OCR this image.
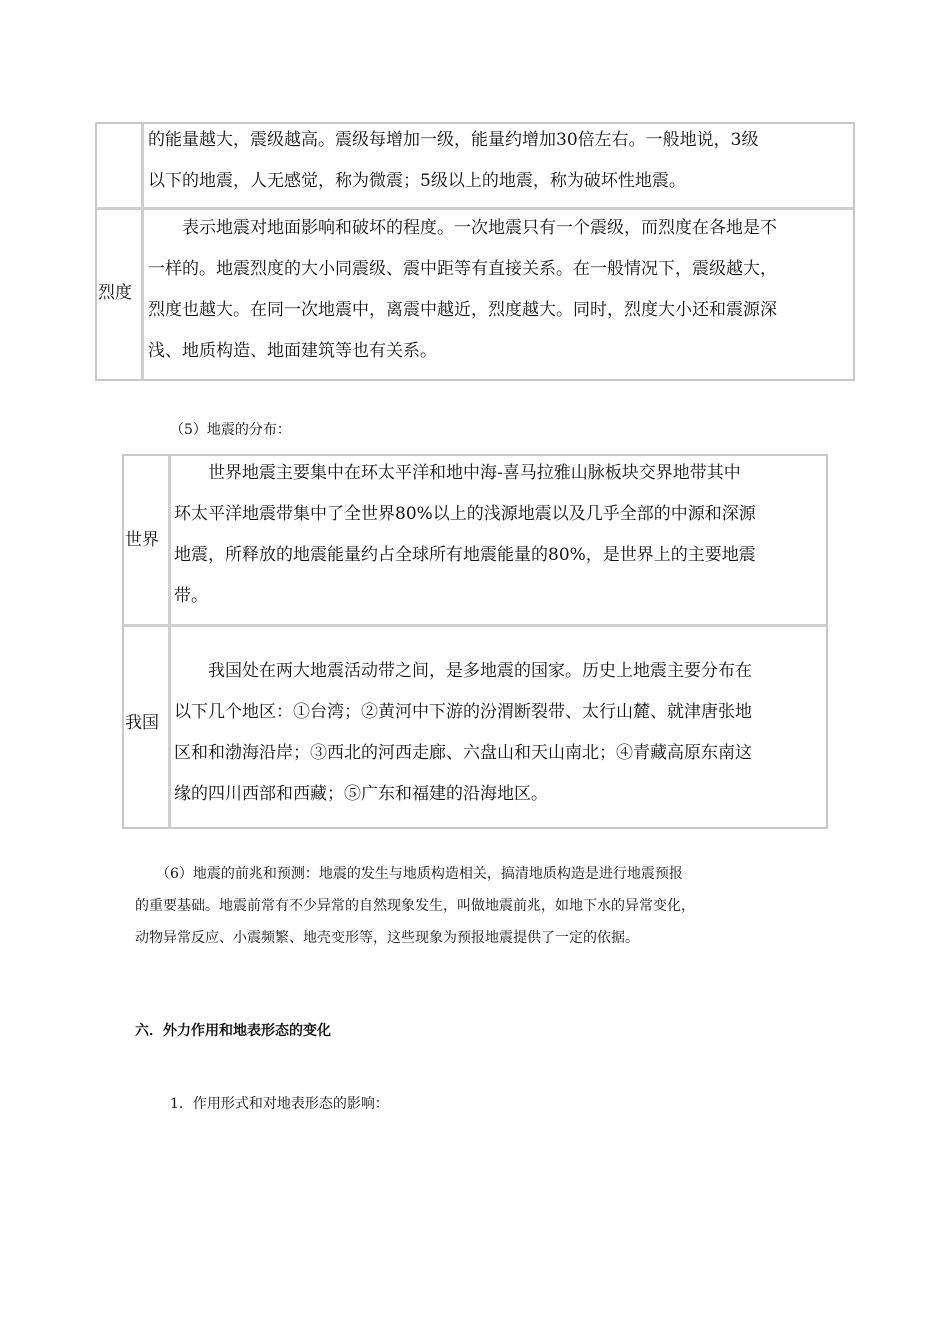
的能量越大，震级越高。震级每增加一级，能量约增加30倍左右。一般地说，3级

以下的地震，人无感觉，称为微震；5级以上的地震，称为破坏性地震。

烈度

　　表示地震对地面影响和破坏的程度。一次地震只有一个震级，而烈度在各地是不

一样的。地震烈度的大小同震级、震中距等有直接关系。在一般情况下，震级越大，

烈度也越大。在同一次地震中，离震中越近，烈度越大。同时，烈度大小还和震源深

浅、地质构造、地面建筑等也有关系。

（5）地震的分布：
世界

　　世界地震主要集中在环太平洋和地中海-喜马拉雅山脉板块交界地带其中

环太平洋地震带集中了全世界80%以上的浅源地震以及几乎全部的中源和深源

地震，所释放的地震能量约占全球所有地震能量的80%，是世界上的主要地震

带。

我国

　　我国处在两大地震活动带之间，是多地震的国家。历史上地震主要分布在

以下几个地区：①台湾；②黄河中下游的汾渭断裂带、太行山麓、就津唐张地

区和和渤海沿岸；③西北的河西走廊、六盘山和天山南北；④青藏高原东南这

缘的四川西部和西藏；⑤广东和福建的沿海地区。

　　（6）地震的前兆和预测：地震的发生与地质构造相关，搞清地质构造是进行地震预报
的重要基础。地震前常有不少异常的自然现象发生，叫做地震前兆，如地下水的异常变化，
动物异常反应、小震频繁、地壳变形等，这些现象为预报地震提供了一定的依据。
六．外力作用和地表形态的变化
1．作用形式和对地表形态的影响：
